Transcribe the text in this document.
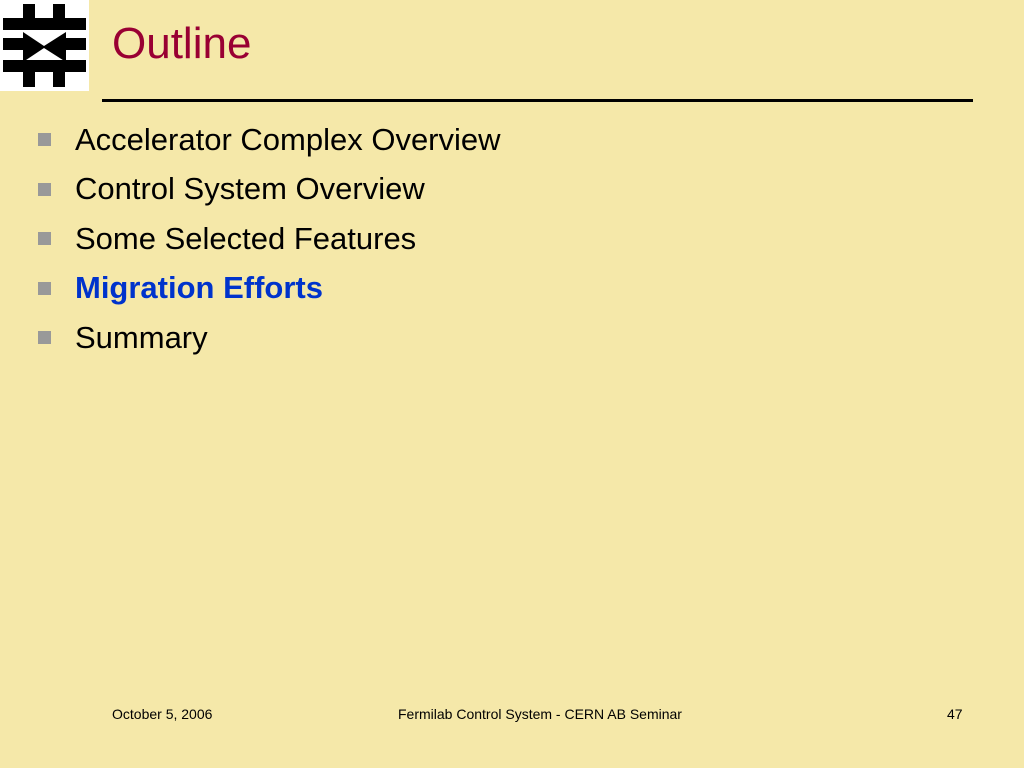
Outline
Accelerator Complex Overview
Control System Overview
Some Selected Features
Migration Efforts
Summary
October 5, 2006	Fermilab Control System - CERN AB Seminar	47
